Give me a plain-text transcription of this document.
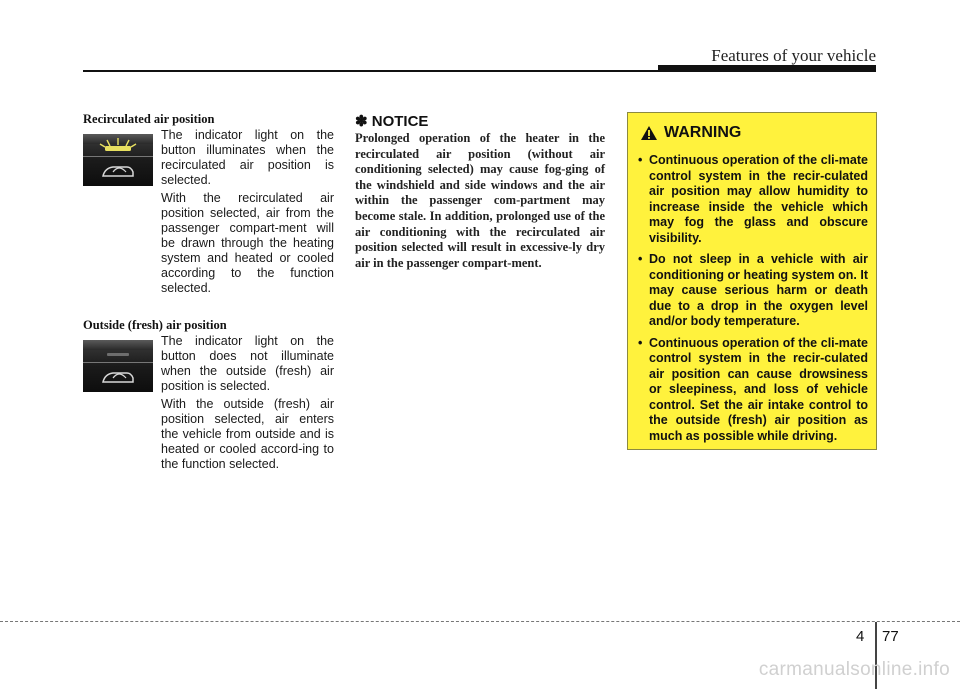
Features of your vehicle
Recirculated air position

The indicator light on the button illuminates when the recirculated air position is selected.

With the recirculated air position selected, air from the passenger compart-ment will be drawn through the heating system and heated or cooled according to the function selected.

Outside (fresh) air position

The indicator light on the button does not illuminate when the outside (fresh) air position is selected.

With the outside (fresh) air position selected, air enters the vehicle from outside and is heated or cooled accord-ing to the function selected.

✽ NOTICE

Prolonged operation of the heater in the recirculated air position (without air conditioning selected) may cause fog-ging of the windshield and side windows and the air within the passenger com-partment may become stale. In addition, prolonged use of the air conditioning with the recirculated air position selected will result in excessive-ly dry air in the passenger compart-ment.

WARNING
• Continuous operation of the cli-mate control system in the recir-culated air position may allow humidity to increase inside the vehicle which may fog the glass and obscure visibility.
• Do not sleep in a vehicle with air conditioning or heating system on. It may cause serious harm or death due to a drop in the oxygen level and/or body temperature.
• Continuous operation of the cli-mate control system in the recir-culated air position can cause drowsiness or sleepiness, and loss of vehicle control. Set the air intake control to the outside (fresh) air position as much as possible while driving.
4 77
carmanualsonline.info
